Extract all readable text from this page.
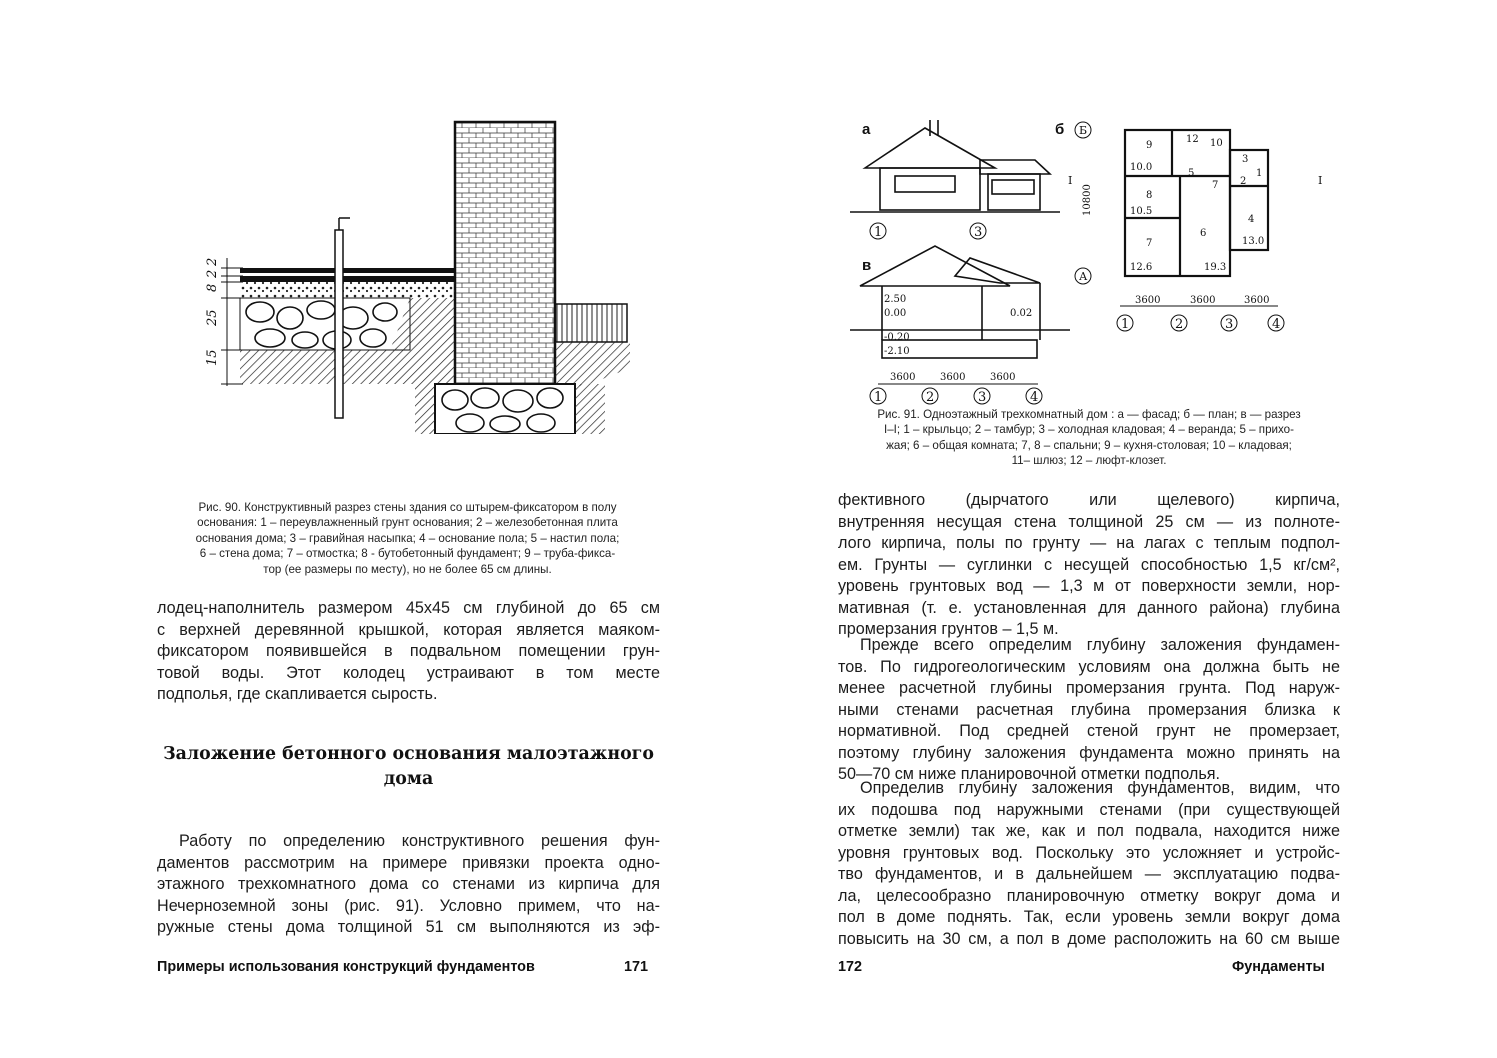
2
2
8
25
15
Рис. 90. Конструктивный разрез стены здания со штырем-фиксатором в полу
основания: 1 – переувлажненный грунт основания; 2 – железобетонная плита
основания дома; 3 – гравийная насыпка; 4 – основание пола; 5 – настил пола;
6 – стена дома; 7 – отмостка; 8 - бутобетонный фундамент; 9 – труба-фикса-
тор (ее размеры по месту), но не более 65 см длины.
лодец-наполнитель размером 45х45 см глубиной до 65 см
с верхней деревянной крышкой, которая является маяком-
фиксатором появившейся в подвальном помещении грун-
товой воды. Этот колодец устраивают в том месте
подполья, где скапливается сырость.
Заложение бетонного основания малоэтажного
дома
Работу по определению конструктивного решения фун-
даментов рассмотрим на примере привязки проекта одно-
этажного трехкомнатного дома со стенами из кирпича для
Нечерноземной зоны (рис. 91). Условно примем, что на-
ружные стены дома толщиной 51 см выполняются из эф-
Примеры использования конструкций фундаментов	171
а
1	3
в
2.50
0.00
-0.20
-2.10
0.02
3600 3600 3600
1	2	3	4
б Б
А
10800
I	I
9
12 10
3
1
5
2
8
7
4
6
7
10.0
10.5
13.0
12.6	19.3
3600	3600	3600
1	2	3	4
Рис. 91. Одноэтажный трехкомнатный дом : а — фасад; б — план; в — разрез
I–I; 1 – крыльцо; 2 – тамбур; 3 – холодная кладовая; 4 – веранда; 5 – прихо-
жая; 6 – общая комната; 7, 8 – спальни; 9 – кухня-столовая; 10 – кладовая;
11– шлюз; 12 – люфт-клозет.
фективного (дырчатого или щелевого) кирпича,
внутренняя несущая стена толщиной 25 см — из полноте-
лого кирпича, полы по грунту — на лагах с теплым подпол-
ем. Грунты — суглинки с несущей способностью 1,5 кг/см²,
уровень грунтовых вод — 1,3 м от поверхности земли, нор-
мативная (т. е. установленная для данного района) глубина
промерзания грунтов – 1,5 м.
Прежде всего определим глубину заложения фундамен-
тов. По гидрогеологическим условиям она должна быть не
менее расчетной глубины промерзания грунта. Под наруж-
ными стенами расчетная глубина промерзания близка к
нормативной. Под средней стеной грунт не промерзает,
поэтому глубину заложения фундамента можно принять на
50—70 см ниже планировочной отметки подполья.
Определив глубину заложения фундаментов, видим, что
их подошва под наружными стенами (при существующей
отметке земли) так же, как и пол подвала, находится ниже
уровня грунтовых вод. Поскольку это усложняет и устройс-
тво фундаментов, и в дальнейшем — эксплуатацию подва-
ла, целесообразно планировочную отметку вокруг дома и
пол в доме поднять. Так, если уровень земли вокруг дома
повысить на 30 см, а пол в доме расположить на 60 см выше
172	Фундаменты
